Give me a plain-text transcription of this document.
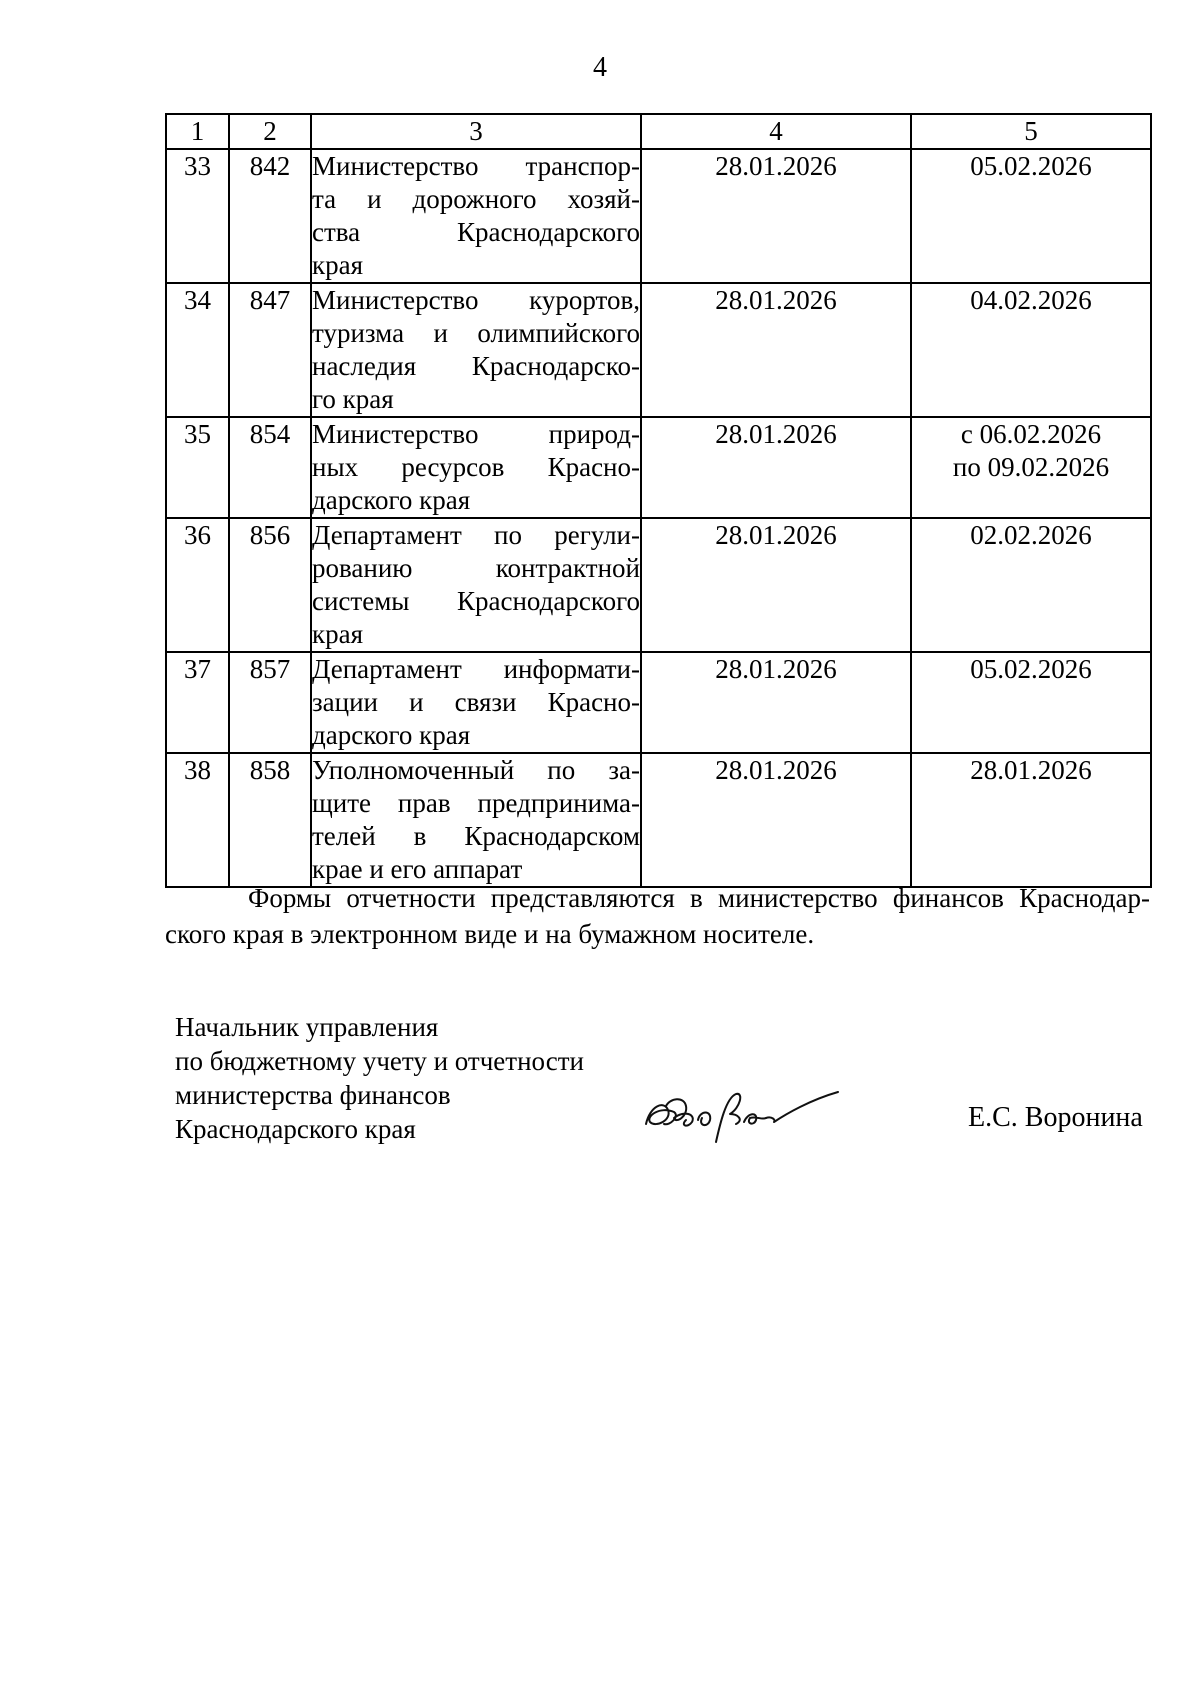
4
1	2	3	4	5
33	842	Министерство транспор-
та и дорожного хозяй-
ства Краснодарского
края	28.01.2026	05.02.2026

34	847	Министерство курортов,
туризма и олимпийского
наследия Краснодарско-
го края	28.01.2026	04.02.2026

35	854	Министерство природ-
ных ресурсов Красно-
дарского края	28.01.2026	с 06.02.2026
по 09.02.2026

36	856	Департамент по регули-
рованию контрактной
системы Краснодарского
края	28.01.2026	02.02.2026

37	857	Департамент информати-
зации и связи Красно-
дарского края	28.01.2026	05.02.2026

38	858	Уполномоченный по за-
щите прав предпринима-
телей в Краснодарском
крае и его аппарат	28.01.2026	28.01.2026
Формы отчетности представляются в министерство финансов Краснодар-
ского края в электронном виде и на бумажном носителе.
Начальник управления
по бюджетному учету и отчетности
министерства финансов
Краснодарского края	Е.С. Воронина
